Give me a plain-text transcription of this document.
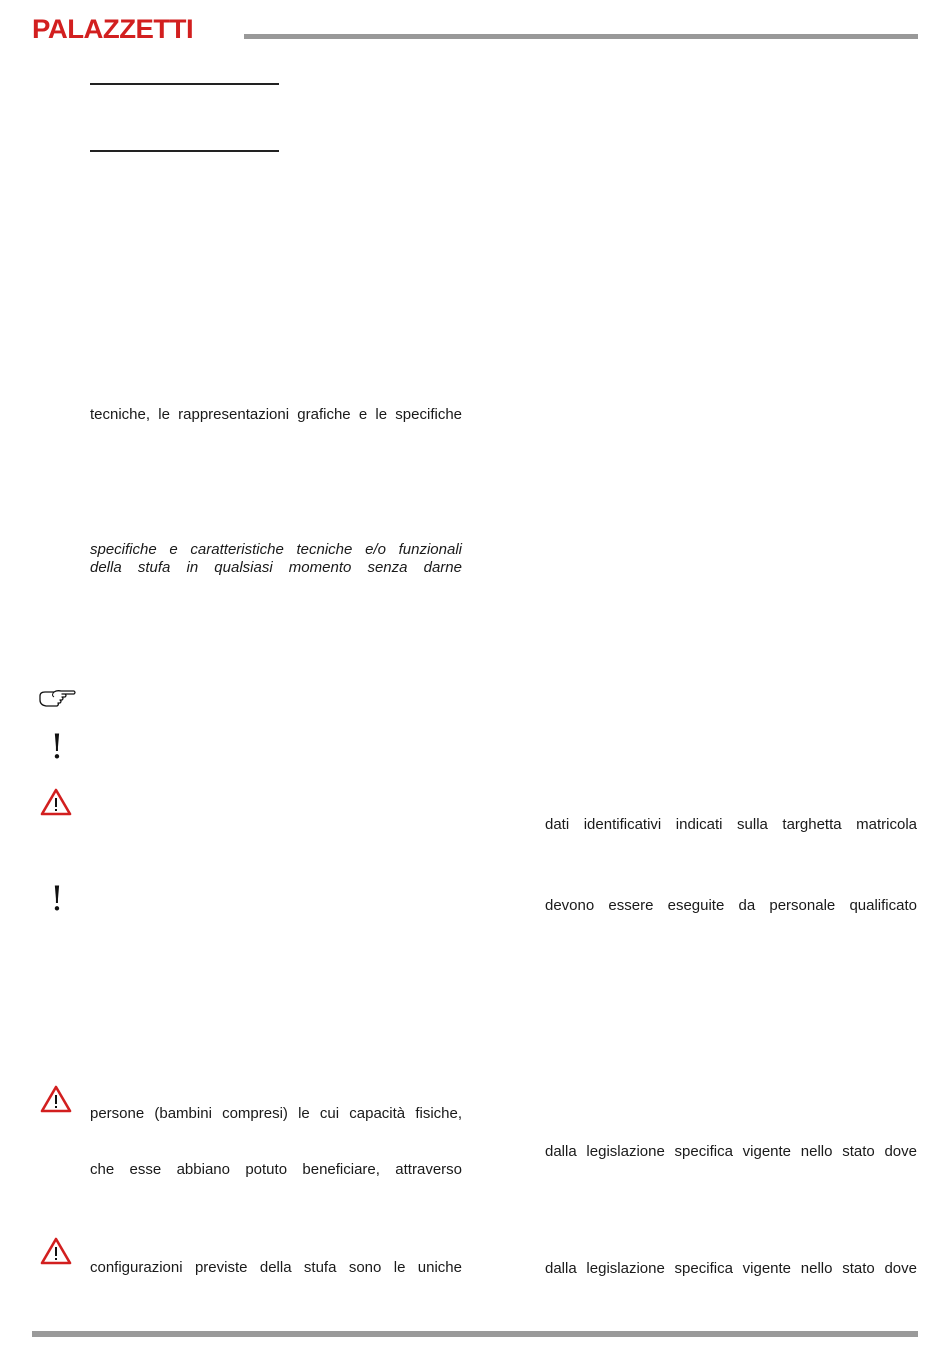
PALAZZETTI
tecniche, le rappresentazioni grafiche e le specifiche
specifiche e caratteristiche tecniche e/o funzionali
della stufa in qualsiasi momento senza darne
persone (bambini compresi) le cui capacità fisiche,
che esse abbiano potuto beneficiare, attraverso
configurazioni previste della stufa sono le uniche
dati identificativi indicati sulla targhetta matricola
devono essere eseguite da personale qualificato
dalla legislazione specifica vigente nello stato dove
dalla legislazione specifica vigente nello stato dove
!
!
